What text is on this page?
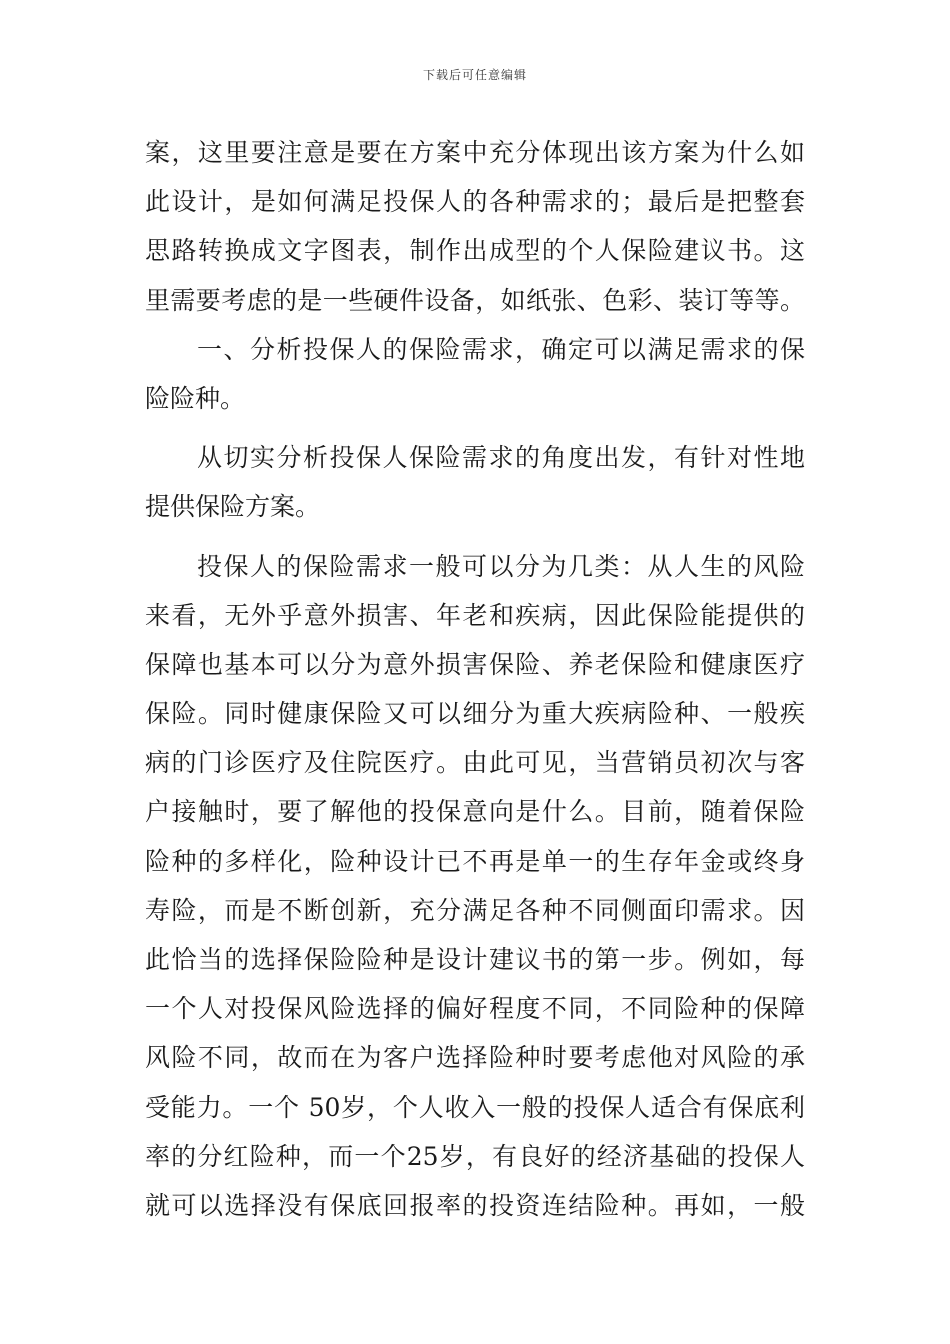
下载后可任意编辑
案，这里要注意是要在方案中充分体现出该方案为什么如
此设计，是如何满足投保人的各种需求的；最后是把整套
思路转换成文字图表，制作出成型的个人保险建议书。这
里需要考虑的是一些硬件设备，如纸张、色彩、装订等等。
一、分析投保人的保险需求，确定可以满足需求的保
险险种。
从切实分析投保人保险需求的角度出发，有针对性地
提供保险方案。
投保人的保险需求一般可以分为几类：从人生的风险
来看，无外乎意外损害、年老和疾病，因此保险能提供的
保障也基本可以分为意外损害保险、养老保险和健康医疗
保险。同时健康保险又可以细分为重大疾病险种、一般疾
病的门诊医疗及住院医疗。由此可见，当营销员初次与客
户接触时，要了解他的投保意向是什么。目前，随着保险
险种的多样化，险种设计已不再是单一的生存年金或终身
寿险，而是不断创新，充分满足各种不同侧面印需求。因
此恰当的选择保险险种是设计建议书的第一步。例如，每
一个人对投保风险选择的偏好程度不同，不同险种的保障
风险不同，故而在为客户选择险种时要考虑他对风险的承
受能力。一个 50岁，个人收入一般的投保人适合有保底利
率的分红险种，而一个25岁，有良好的经济基础的投保人
就可以选择没有保底回报率的投资连结险种。再如，一般
